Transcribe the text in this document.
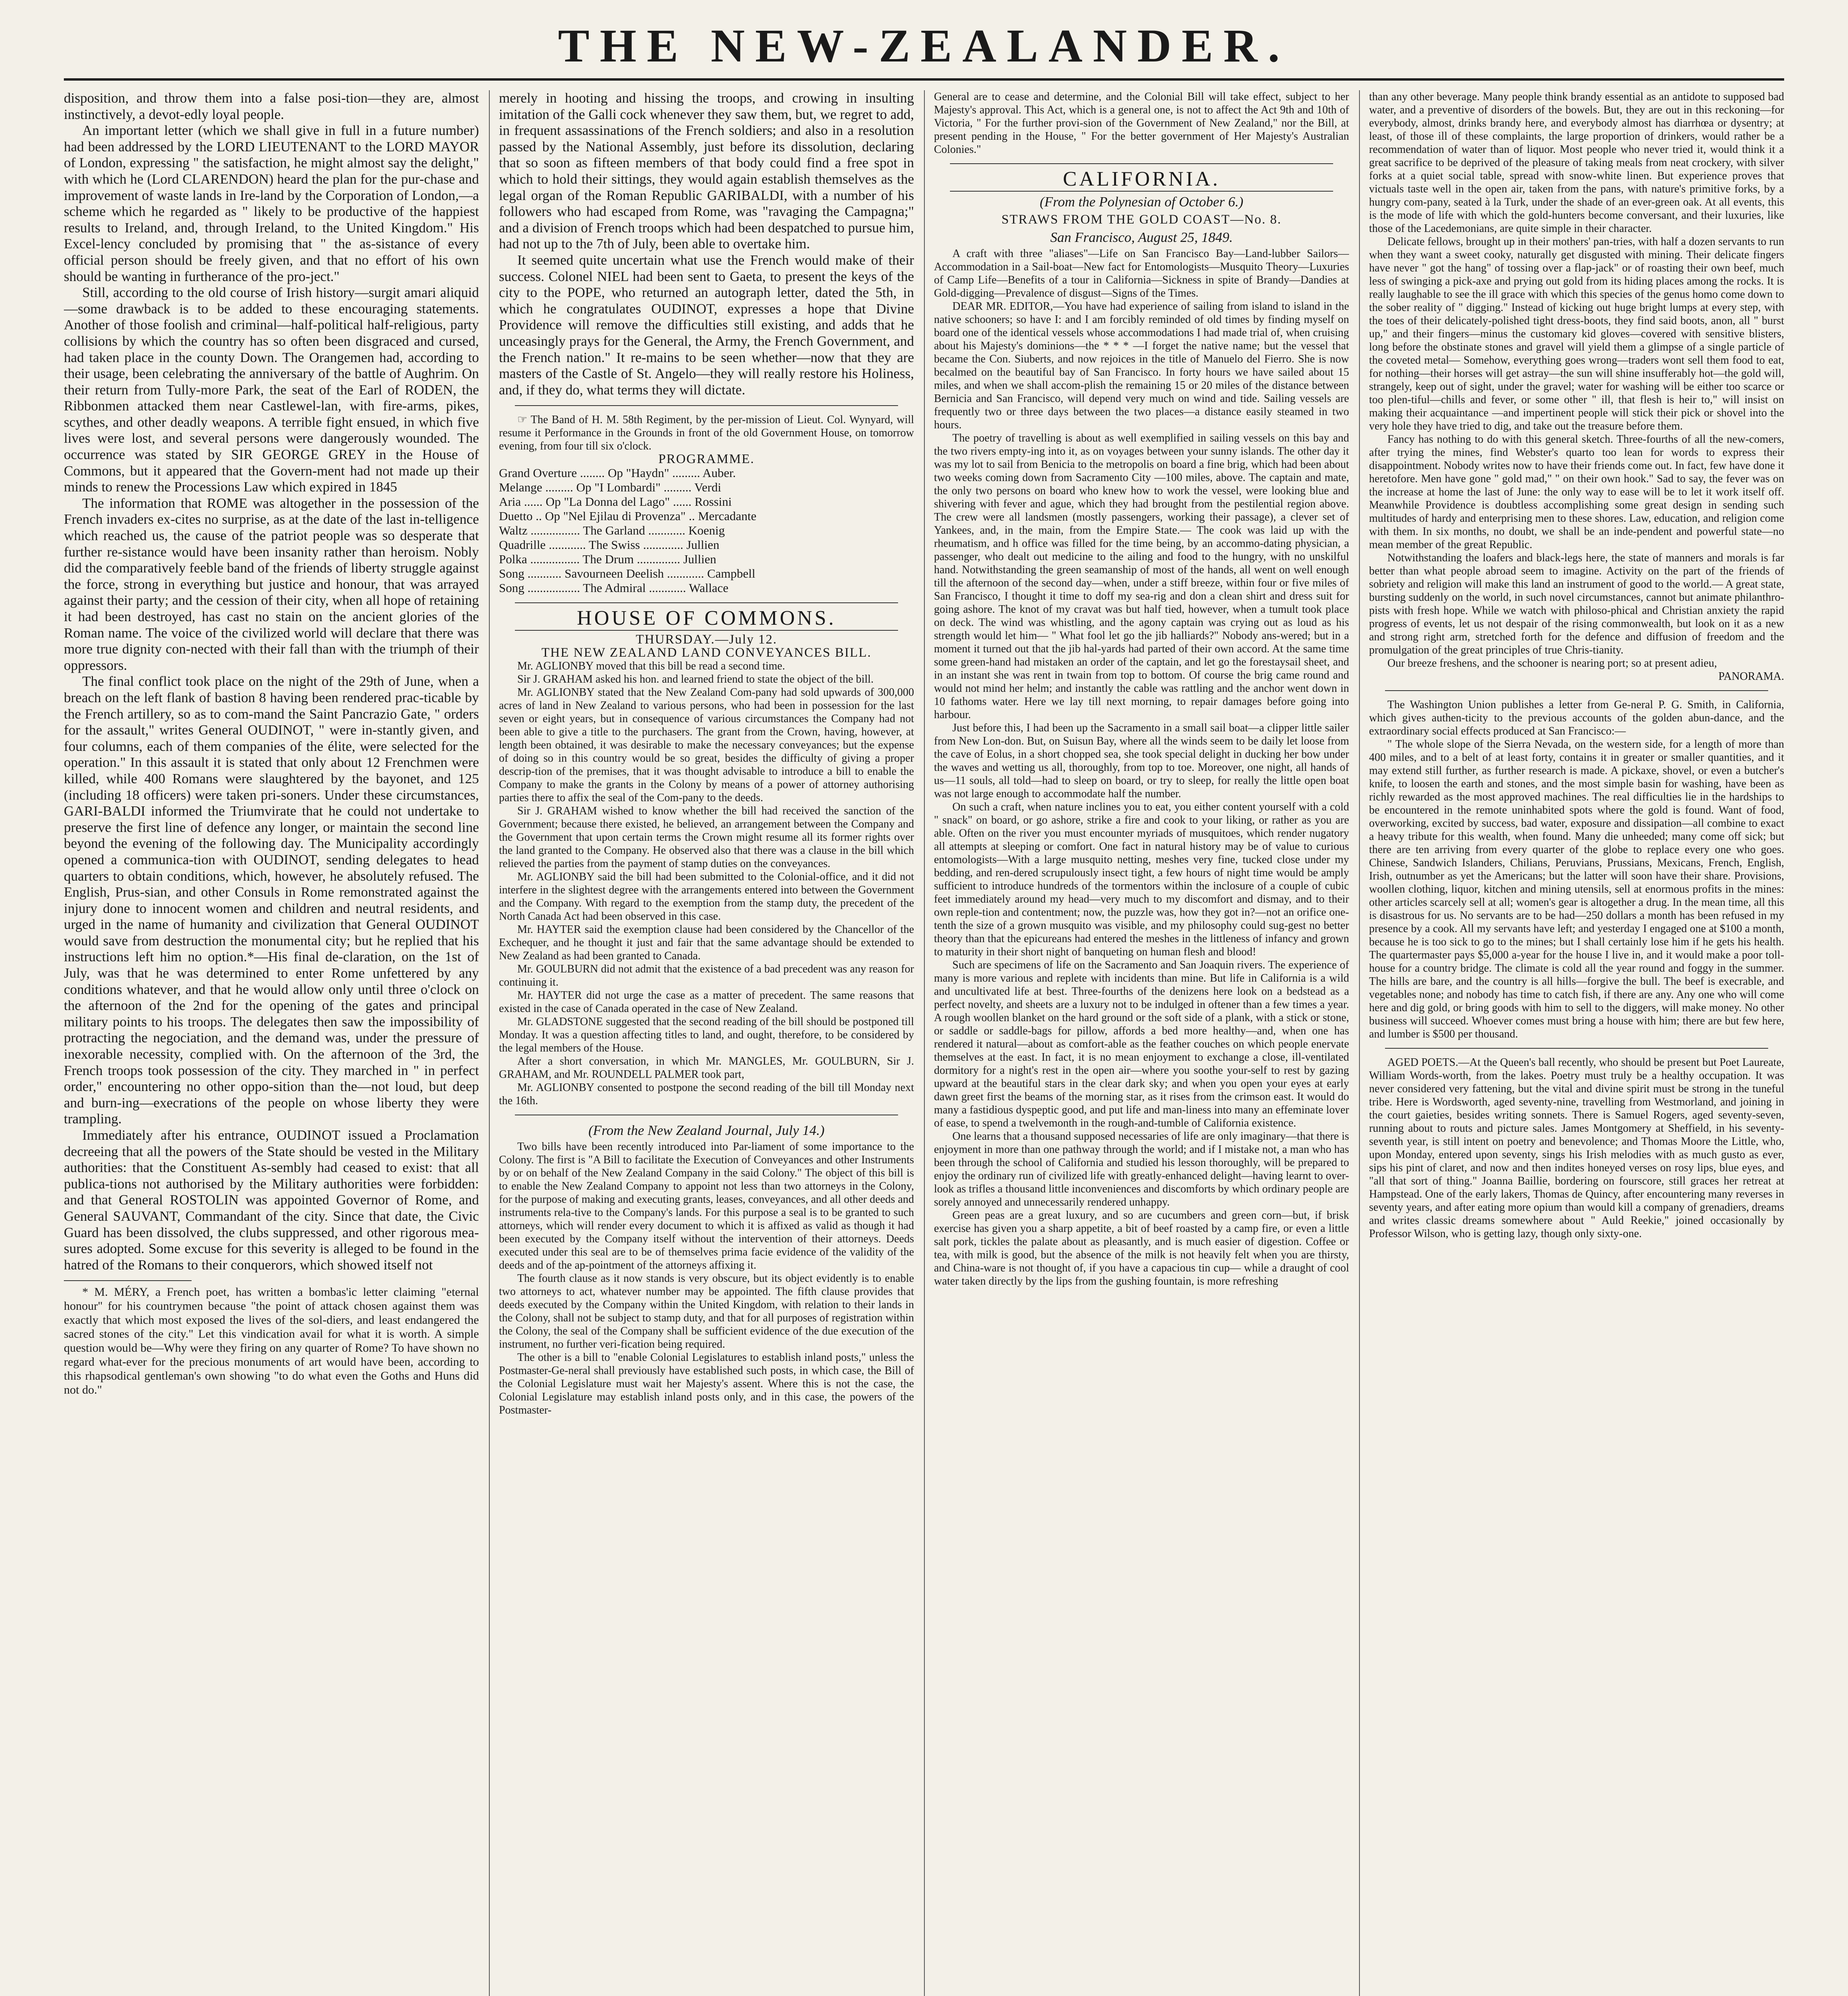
THE NEW-ZEALANDER.

disposition, and throw them into a false posi-tion—they are, almost instinctively, a devot-edly loyal people.

An important letter (which we shall give in full in a future number) had been addressed by the LORD LIEUTENANT to the LORD MAYOR of London, expressing " the satisfaction, he might almost say the delight," with which he (Lord CLARENDON) heard the plan for the pur-chase and improvement of waste lands in Ire-land by the Corporation of London,—a scheme which he regarded as " likely to be productive of the happiest results to Ireland, and, through Ireland, to the United Kingdom." His Excel-lency concluded by promising that " the as-sistance of every official person should be freely given, and that no effort of his own should be wanting in furtherance of the pro-ject."

Still, according to the old course of Irish history—surgit amari aliquid—some drawback is to be added to these encouraging statements. Another of those foolish and criminal—half-political half-religious, party collisions by which the country has so often been disgraced and cursed, had taken place in the county Down. The Orangemen had, according to their usage, been celebrating the anniversary of the battle of Aughrim. On their return from Tully-more Park, the seat of the Earl of RODEN, the Ribbonmen attacked them near Castlewel-lan, with fire-arms, pikes, scythes, and other deadly weapons. A terrible fight ensued, in which five lives were lost, and several persons were dangerously wounded. The occurrence was stated by SIR GEORGE GREY in the House of Commons, but it appeared that the Govern-ment had not made up their minds to renew the Processions Law which expired in 1845

The information that ROME was altogether in the possession of the French invaders ex-cites no surprise, as at the date of the last in-telligence which reached us, the cause of the patriot people was so desperate that further re-sistance would have been insanity rather than heroism. Nobly did the comparatively feeble band of the friends of liberty struggle against the force, strong in everything but justice and honour, that was arrayed against their party; and the cession of their city, when all hope of retaining it had been destroyed, has cast no stain on the ancient glories of the Roman name. The voice of the civilized world will declare that there was more true dignity con-nected with their fall than with the triumph of their oppressors.

The final conflict took place on the night of the 29th of June, when a breach on the left flank of bastion 8 having been rendered prac-ticable by the French artillery, so as to com-mand the Saint Pancrazio Gate, " orders for the assault," writes General OUDINOT, " were in-stantly given, and four columns, each of them companies of the élite, were selected for the operation." In this assault it is stated that only about 12 Frenchmen were killed, while 400 Romans were slaughtered by the bayonet, and 125 (including 18 officers) were taken pri-soners. Under these circumstances, GARI-BALDI informed the Triumvirate that he could not undertake to preserve the first line of defence any longer, or maintain the second line beyond the evening of the following day. The Municipality accordingly opened a communica-tion with OUDINOT, sending delegates to head quarters to obtain conditions, which, however, he absolutely refused. The English, Prus-sian, and other Consuls in Rome remonstrated against the injury done to innocent women and children and neutral residents, and urged in the name of humanity and civilization that General OUDINOT would save from destruction the monumental city; but he replied that his instructions left him no option.*—His final de-claration, on the 1st of July, was that he was determined to enter Rome unfettered by any conditions whatever, and that he would allow only until three o'clock on the afternoon of the 2nd for the opening of the gates and principal military points to his troops. The delegates then saw the impossibility of protracting the negociation, and the demand was, under the pressure of inexorable necessity, complied with. On the afternoon of the 3rd, the French troops took possession of the city. They marched in " in perfect order," encountering no other oppo-sition than the—not loud, but deep and burn-ing—execrations of the people on whose liberty they were trampling.

Immediately after his entrance, OUDINOT issued a Proclamation decreeing that all the powers of the State should be vested in the Military authorities: that the Constituent As-sembly had ceased to exist: that all publica-tions not authorised by the Military authorities were forbidden: and that General ROSTOLIN was appointed Governor of Rome, and General SAUVANT, Commandant of the city. Since that date, the Civic Guard has been dissolved, the clubs suppressed, and other rigorous mea-sures adopted. Some excuse for this severity is alleged to be found in the hatred of the Romans to their conquerors, which showed itself not

* M. MÉRY, a French poet, has written a bombas'ic letter claiming "eternal honour" for his countrymen because "the point of attack chosen against them was exactly that which most exposed the lives of the sol-diers, and least endangered the sacred stones of the city." Let this vindication avail for what it is worth. A simple question would be—Why were they firing on any quarter of Rome? To have shown no regard what-ever for the precious monuments of art would have been, according to this rhapsodical gentleman's own showing "to do what even the Goths and Huns did not do."

merely in hooting and hissing the troops, and crowing in insulting imitation of the Galli cock whenever they saw them, but, we regret to add, in frequent assassinations of the French soldiers; and also in a resolution passed by the National Assembly, just before its dissolution, declaring that so soon as fifteen members of that body could find a free spot in which to hold their sittings, they would again establish themselves as the legal organ of the Roman Republic GARIBALDI, with a number of his followers who had escaped from Rome, was "ravaging the Campagna;" and a division of French troops which had been despatched to pursue him, had not up to the 7th of July, been able to overtake him.

It seemed quite uncertain what use the French would make of their success. Colonel NIEL had been sent to Gaeta, to present the keys of the city to the POPE, who returned an autograph letter, dated the 5th, in which he congratulates OUDINOT, expresses a hope that Divine Providence will remove the difficulties still existing, and adds that he unceasingly prays for the General, the Army, the French Government, and the French nation." It re-mains to be seen whether—now that they are masters of the Castle of St. Angelo—they will really restore his Holiness, and, if they do, what terms they will dictate.

☞ The Band of H. M. 58th Regiment, by the per-mission of Lieut. Col. Wynyard, will resume it Performance in the Grounds in front of the old Government House, on tomorrow evening, from four till six o'clock.

PROGRAMME.

Grand Overture ........ Op "Haydn" ......... Auber.
Melange ......... Op "I Lombardi" ......... Verdi
Aria ...... Op "La Donna del Lago" ...... Rossini
Duetto .. Op "Nel Ejilau di Provenza" .. Mercadante
Waltz ................ The Garland ............ Koenig
Quadrille ............ The Swiss ............. Jullien
Polka ................ The Drum .............. Jullien
Song ........... Savourneen Deelish ............ Campbell
Song ................. The Admiral ............ Wallace

HOUSE OF COMMONS.

THURSDAY.—July 12.

THE NEW ZEALAND LAND CONVEYANCES BILL.

Mr. AGLIONBY moved that this bill be read a second time.

Sir J. GRAHAM asked his hon. and learned friend to state the object of the bill.

Mr. AGLIONBY stated that the New Zealand Com-pany had sold upwards of 300,000 acres of land in New Zealand to various persons, who had been in possession for the last seven or eight years, but in consequence of various circumstances the Company had not been able to give a title to the purchasers. The grant from the Crown, having, however, at length been obtained, it was desirable to make the necessary conveyances; but the expense of doing so in this country would be so great, besides the difficulty of giving a proper descrip-tion of the premises, that it was thought advisable to introduce a bill to enable the Company to make the grants in the Colony by means of a power of attorney authorising parties there to affix the seal of the Com-pany to the deeds.

Sir J. GRAHAM wished to know whether the bill had received the sanction of the Government; because there existed, he believed, an arrangement between the Company and the Government that upon certain terms the Crown might resume all its former rights over the land granted to the Company. He observed also that there was a clause in the bill which relieved the parties from the payment of stamp duties on the conveyances.

Mr. AGLIONBY said the bill had been submitted to the Colonial-office, and it did not interfere in the slightest degree with the arrangements entered into between the Government and the Company. With regard to the exemption from the stamp duty, the precedent of the North Canada Act had been observed in this case.

Mr. HAYTER said the exemption clause had been considered by the Chancellor of the Exchequer, and he thought it just and fair that the same advantage should be extended to New Zealand as had been granted to Canada.

Mr. GOULBURN did not admit that the existence of a bad precedent was any reason for continuing it.

Mr. HAYTER did not urge the case as a matter of precedent. The same reasons that existed in the case of Canada operated in the case of New Zealand.

Mr. GLADSTONE suggested that the second reading of the bill should be postponed till Monday. It was a question affecting titles to land, and ought, therefore, to be considered by the legal members of the House.

After a short conversation, in which Mr. MANGLES, Mr. GOULBURN, Sir J. GRAHAM, and Mr. ROUNDELL PALMER took part,

Mr. AGLIONBY consented to postpone the second reading of the bill till Monday next the 16th.

(From the New Zealand Journal, July 14.)

Two bills have been recently introduced into Par-liament of some importance to the Colony. The first is "A Bill to facilitate the Execution of Conveyances and other Instruments by or on behalf of the New Zealand Company in the said Colony." The object of this bill is to enable the New Zealand Company to appoint not less than two attorneys in the Colony, for the purpose of making and executing grants, leases, conveyances, and all other deeds and instruments rela-tive to the Company's lands. For this purpose a seal is to be granted to such attorneys, which will render every document to which it is affixed as valid as though it had been executed by the Company itself without the intervention of their attorneys. Deeds executed under this seal are to be of themselves prima facie evidence of the validity of the deeds and of the ap-pointment of the attorneys affixing it.

The fourth clause as it now stands is very obscure, but its object evidently is to enable two attorneys to act, whatever number may be appointed. The fifth clause provides that deeds executed by the Company within the United Kingdom, with relation to their lands in the Colony, shall not be subject to stamp duty, and that for all purposes of registration within the Colony, the seal of the Company shall be sufficient evidence of the due execution of the instrument, no further veri-fication being required.

The other is a bill to "enable Colonial Legislatures to establish inland posts," unless the Postmaster-Ge-neral shall previously have established such posts, in which case, the Bill of the Colonial Legislature must wait her Majesty's assent. Where this is not the case, the Colonial Legislature may establish inland posts only, and in this case, the powers of the Postmaster-

General are to cease and determine, and the Colonial Bill will take effect, subject to her Majesty's approval. This Act, which is a general one, is not to affect the Act 9th and 10th of Victoria, " For the further provi-sion of the Government of New Zealand," nor the Bill, at present pending in the House, " For the better government of Her Majesty's Australian Colonies."

CALIFORNIA.

(From the Polynesian of October 6.)

STRAWS FROM THE GOLD COAST—No. 8.

San Francisco, August 25, 1849.

A craft with three "aliases"—Life on San Francisco Bay—Land-lubber Sailors—Accommodation in a Sail-boat—New fact for Entomologists—Musquito Theory—Luxuries of Camp Life—Benefits of a tour in California—Sickness in spite of Brandy—Dandies at Gold-digging—Prevalence of disgust—Signs of the Times.

DEAR MR. EDITOR,—You have had experience of sailing from island to island in the native schooners; so have I: and I am forcibly reminded of old times by finding myself on board one of the identical vessels whose accommodations I had made trial of, when cruising about his Majesty's dominions—the * * * —I forget the native name; but the vessel that became the Con. Siuberts, and now rejoices in the title of Manuelo del Fierro. She is now becalmed on the beautiful bay of San Francisco. In forty hours we have sailed about 15 miles, and when we shall accom-plish the remaining 15 or 20 miles of the distance between Bernicia and San Francisco, will depend very much on wind and tide. Sailing vessels are frequently two or three days between the two places—a distance easily steamed in two hours.

The poetry of travelling is about as well exemplified in sailing vessels on this bay and the two rivers empty-ing into it, as on voyages between your sunny islands. The other day it was my lot to sail from Benicia to the metropolis on board a fine brig, which had been about two weeks coming down from Sacramento City —100 miles, above. The captain and mate, the only two persons on board who knew how to work the vessel, were looking blue and shivering with fever and ague, which they had brought from the pestilential region above. The crew were all landsmen (mostly passengers, working their passage), a clever set of Yankees, and, in the main, from the Empire State.— The cook was laid up with the rheumatism, and h office was filled for the time being, by an accommo-dating physician, a passenger, who dealt out medicine to the ailing and food to the hungry, with no unskilful hand. Notwithstanding the green seamanship of most of the hands, all went on well enough till the afternoon of the second day—when, under a stiff breeze, within four or five miles of San Francisco, I thought it time to doff my sea-rig and don a clean shirt and dress suit for going ashore. The knot of my cravat was but half tied, however, when a tumult took place on deck. The wind was whistling, and the agony captain was crying out as loud as his strength would let him— " What fool let go the jib halliards?" Nobody ans-wered; but in a moment it turned out that the jib hal-yards had parted of their own accord. At the same time some green-hand had mistaken an order of the captain, and let go the forestaysail sheet, and in an instant she was rent in twain from top to bottom. Of course the brig came round and would not mind her helm; and instantly the cable was rattling and the anchor went down in 10 fathoms water. Here we lay till next morning, to repair damages before going into harbour.

Just before this, I had been up the Sacramento in a small sail boat—a clipper little sailer from New Lon-don. But, on Suisun Bay, where all the winds seem to be daily let loose from the cave of Eolus, in a short chopped sea, she took special delight in ducking her bow under the waves and wetting us all, thoroughly, from top to toe. Moreover, one night, all hands of us—11 souls, all told—had to sleep on board, or try to sleep, for really the little open boat was not large enough to accommodate half the number.

On such a craft, when nature inclines you to eat, you either content yourself with a cold " snack" on board, or go ashore, strike a fire and cook to your liking, or rather as you are able. Often on the river you must encounter myriads of musquitoes, which render nugatory all attempts at sleeping or comfort. One fact in natural history may be of value to curious entomologists—With a large musquito netting, meshes very fine, tucked close under my bedding, and ren-dered scrupulously insect tight, a few hours of night time would be amply sufficient to introduce hundreds of the tormentors within the inclosure of a couple of cubic feet immediately around my head—very much to my discomfort and dismay, and to their own reple-tion and contentment; now, the puzzle was, how they got in?—not an orifice one-tenth the size of a grown musquito was visible, and my philosophy could sug-gest no better theory than that the epicureans had entered the meshes in the littleness of infancy and grown to maturity in their short night of banqueting on human flesh and blood!

Such are specimens of life on the Sacramento and San Joaquin rivers. The experience of many is more various and replete with incidents than mine. But life in California is a wild and uncultivated life at best. Three-fourths of the denizens here look on a bedstead as a perfect novelty, and sheets are a luxury not to be indulged in oftener than a few times a year. A rough woollen blanket on the hard ground or the soft side of a plank, with a stick or stone, or saddle or saddle-bags for pillow, affords a bed more healthy—and, when one has rendered it natural—about as comfort-able as the feather couches on which people enervate themselves at the east. In fact, it is no mean enjoyment to exchange a close, ill-ventilated dormitory for a night's rest in the open air—where you soothe your-self to rest by gazing upward at the beautiful stars in the clear dark sky; and when you open your eyes at early dawn greet first the beams of the morning star, as it rises from the crimson east. It would do many a fastidious dyspeptic good, and put life and man-liness into many an effeminate lover of ease, to spend a twelvemonth in the rough-and-tumble of California existence.

One learns that a thousand supposed necessaries of life are only imaginary—that there is enjoyment in more than one pathway through the world; and if I mistake not, a man who has been through the school of California and studied his lesson thoroughly, will be prepared to enjoy the ordinary run of civilized life with greatly-enhanced delight—having learnt to over-look as trifles a thousand little inconveniences and discomforts by which ordinary people are sorely annoyed and unnecessarily rendered unhappy.

Green peas are a great luxury, and so are cucumbers and green corn—but, if brisk exercise has given you a sharp appetite, a bit of beef roasted by a camp fire, or even a little salt pork, tickles the palate about as pleasantly, and is much easier of digestion. Coffee or tea, with milk is good, but the absence of the milk is not heavily felt when you are thirsty, and China-ware is not thought of, if you have a capacious tin cup— while a draught of cool water taken directly by the lips from the gushing fountain, is more refreshing

than any other beverage. Many people think brandy essential as an antidote to supposed bad water, and a preventive of disorders of the bowels. But, they are out in this reckoning—for everybody, almost, drinks brandy here, and everybody almost has diarrhœa or dysentry; at least, of those ill of these complaints, the large proportion of drinkers, would rather be a recommendation of water than of liquor. Most people who never tried it, would think it a great sacrifice to be deprived of the pleasure of taking meals from neat crockery, with silver forks at a quiet social table, spread with snow-white linen. But experience proves that victuals taste well in the open air, taken from the pans, with nature's primitive forks, by a hungry com-pany, seated à la Turk, under the shade of an ever-green oak. At all events, this is the mode of life with which the gold-hunters become conversant, and their luxuries, like those of the Lacedemonians, are quite simple in their character.

Delicate fellows, brought up in their mothers' pan-tries, with half a dozen servants to run when they want a sweet cooky, naturally get disgusted with mining. Their delicate fingers have never " got the hang" of tossing over a flap-jack" or of roasting their own beef, much less of swinging a pick-axe and prying out gold from its hiding places among the rocks. It is really laughable to see the ill grace with which this species of the genus homo come down to the sober reality of " digging." Instead of kicking out huge bright lumps at every step, with the toes of their delicately-polished tight dress-boots, they find said boots, anon, all " burst up," and their fingers—minus the customary kid gloves—covered with sensitive blisters, long before the obstinate stones and gravel will yield them a glimpse of a single particle of the coveted metal— Somehow, everything goes wrong—traders wont sell them food to eat, for nothing—their horses will get astray—the sun will shine insufferably hot—the gold will, strangely, keep out of sight, under the gravel; water for washing will be either too scarce or too plen-tiful—chills and fever, or some other " ill, that flesh is heir to," will insist on making their acquaintance —and impertinent people will stick their pick or shovel into the very hole they have tried to dig, and take out the treasure before them.

Fancy has nothing to do with this general sketch. Three-fourths of all the new-comers, after trying the mines, find Webster's quarto too lean for words to express their disappointment. Nobody writes now to have their friends come out. In fact, few have done it heretofore. Men have gone " gold mad," " on their own hook." Sad to say, the fever was on the increase at home the last of June: the only way to ease will be to let it work itself off. Meanwhile Providence is doubtless accomplishing some great design in sending such multitudes of hardy and enterprising men to these shores. Law, education, and religion come with them. In six months, no doubt, we shall be an inde-pendent and powerful state—no mean member of the great Republic.

Notwithstanding the loafers and black-legs here, the state of manners and morals is far better than what people abroad seem to imagine. Activity on the part of the friends of sobriety and religion will make this land an instrument of good to the world.— A great state, bursting suddenly on the world, in such novel circumstances, cannot but animate philanthro-pists with fresh hope. While we watch with philoso-phical and Christian anxiety the rapid progress of events, let us not despair of the rising commonwealth, but look on it as a new and strong right arm, stretched forth for the defence and diffusion of freedom and the promulgation of the great principles of true Chris-tianity.

Our breeze freshens, and the schooner is nearing port; so at present adieu,

PANORAMA.

The Washington Union publishes a letter from Ge-neral P. G. Smith, in California, which gives authen-ticity to the previous accounts of the golden abun-dance, and the extraordinary social effects produced at San Francisco:—

" The whole slope of the Sierra Nevada, on the western side, for a length of more than 400 miles, and to a belt of at least forty, contains it in greater or smaller quantities, and it may extend still further, as further research is made. A pickaxe, shovel, or even a butcher's knife, to loosen the earth and stones, and the most simple basin for washing, have been as richly rewarded as the most approved machines. The real difficulties lie in the hardships to be encountered in the remote uninhabited spots where the gold is found. Want of food, overworking, excited by success, bad water, exposure and dissipation—all combine to exact a heavy tribute for this wealth, when found. Many die unheeded; many come off sick; but there are ten arriving from every quarter of the globe to replace every one who goes. Chinese, Sandwich Islanders, Chilians, Peruvians, Prussians, Mexicans, French, English, Irish, outnumber as yet the Americans; but the latter will soon have their share. Provisions, woollen clothing, liquor, kitchen and mining utensils, sell at enormous profits in the mines: other articles scarcely sell at all; women's gear is altogether a drug. In the mean time, all this is disastrous for us. No servants are to be had—250 dollars a month has been refused in my presence by a cook. All my servants have left; and yesterday I engaged one at $100 a month, because he is too sick to go to the mines; but I shall certainly lose him if he gets his health. The quartermaster pays $5,000 a-year for the house I live in, and it would make a poor toll-house for a country bridge. The climate is cold all the year round and foggy in the summer. The hills are bare, and the country is all hills—forgive the bull. The beef is execrable, and vegetables none; and nobody has time to catch fish, if there are any. Any one who will come here and dig gold, or bring goods with him to sell to the diggers, will make money. No other business will succeed. Whoever comes must bring a house with him; there are but few here, and lumber is $500 per thousand.

AGED POETS.—At the Queen's ball recently, who should be present but Poet Laureate, William Words-worth, from the lakes. Poetry must truly be a healthy occupation. It was never considered very fattening, but the vital and divine spirit must be strong in the tuneful tribe. Here is Wordsworth, aged seventy-nine, travelling from Westmorland, and joining in the court gaieties, besides writing sonnets. There is Samuel Rogers, aged seventy-seven, running about to routs and picture sales. James Montgomery at Sheffield, in his seventy-seventh year, is still intent on poetry and benevolence; and Thomas Moore the Little, who, upon Monday, entered upon seventy, sings his Irish melodies with as much gusto as ever, sips his pint of claret, and now and then indites honeyed verses on rosy lips, blue eyes, and "all that sort of thing." Joanna Baillie, bordering on fourscore, still graces her retreat at Hampstead. One of the early lakers, Thomas de Quincy, after encountering many reverses in seventy years, and after eating more opium than would kill a company of grenadiers, dreams and writes classic dreams somewhere about " Auld Reekie," joined occasionally by Professor Wilson, who is getting lazy, though only sixty-one.
